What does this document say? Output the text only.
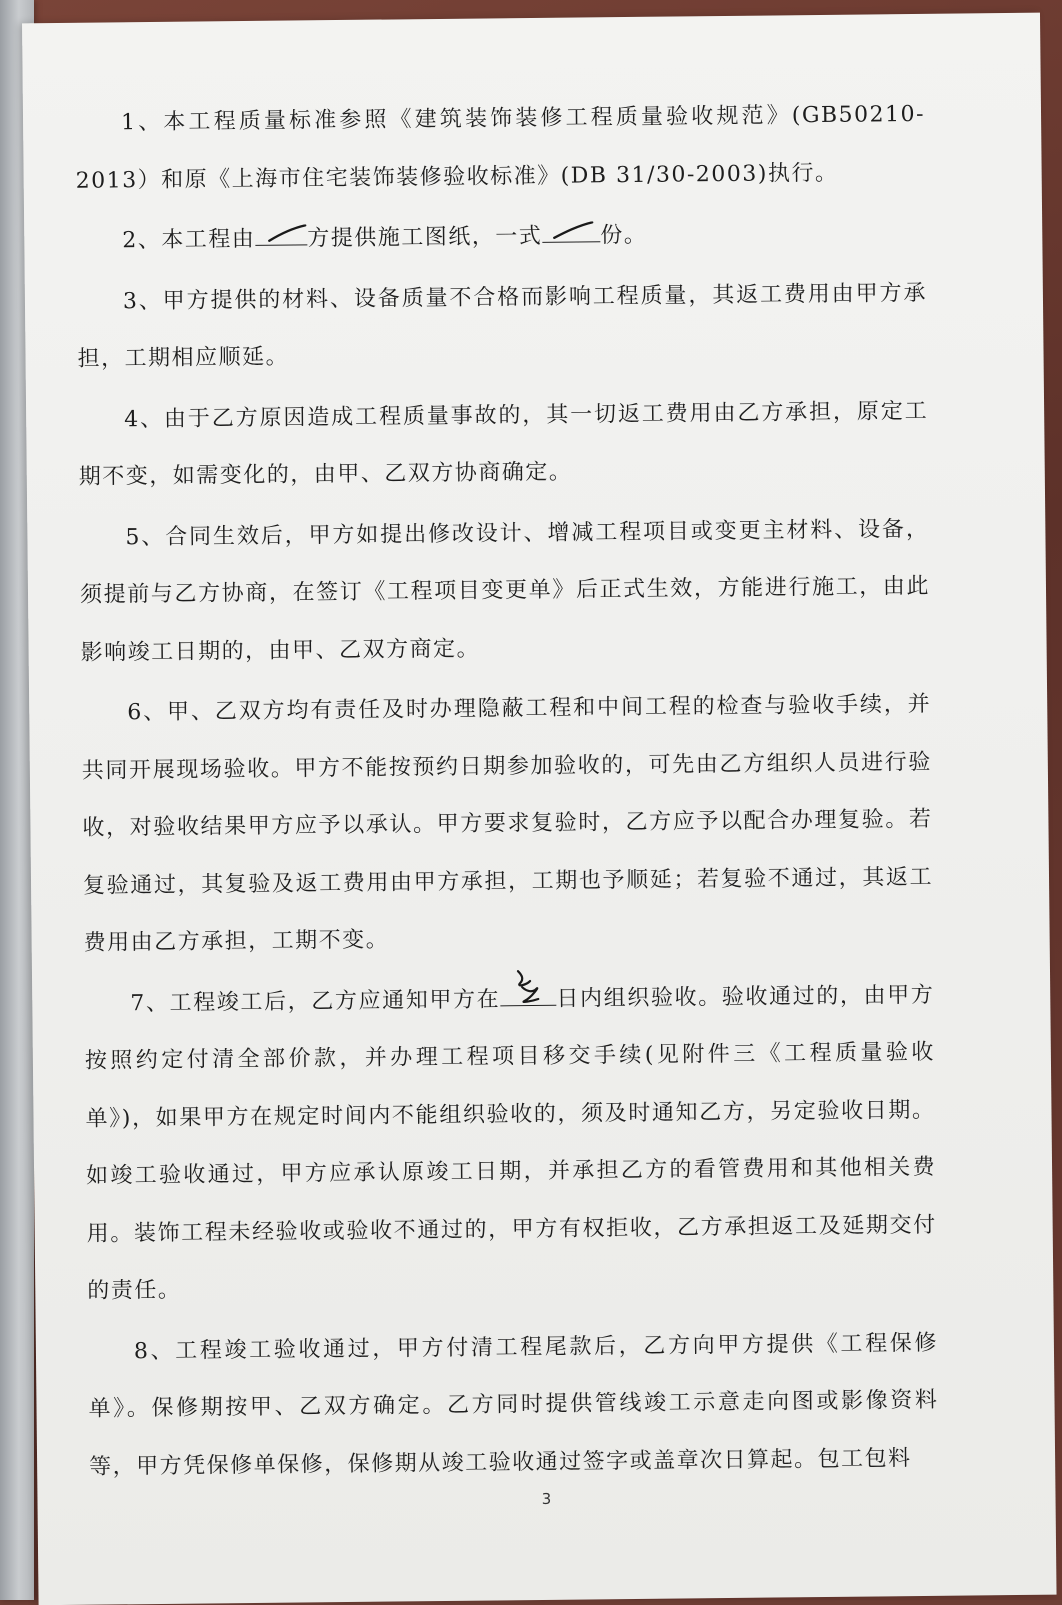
1、本工程质量标准参照《建筑装饰装修工程质量验收规范》(GB50210-2013）和原《上海市住宅装饰装修验收标准》(DB 31/30-2003)执行。

2、本工程由 方提供施工图纸，一式	份。

3、甲方提供的材料、设备质量不合格而影响工程质量，其返工费用由甲方承担，工期相应顺延。

4、由于乙方原因造成工程质量事故的，其一切返工费用由乙方承担，原定工期不变，如需变化的，由甲、乙双方协商确定。

5、合同生效后，甲方如提出修改设计、增减工程项目或变更主材料、设备，须提前与乙方协商，在签订《工程项目变更单》后正式生效，方能进行施工，由此影响竣工日期的，由甲、乙双方商定。

6、甲、乙双方均有责任及时办理隐蔽工程和中间工程的检查与验收手续，并共同开展现场验收。甲方不能按预约日期参加验收的，可先由乙方组织人员进行验收，对验收结果甲方应予以承认。甲方要求复验时，乙方应予以配合办理复验。若复验通过，其复验及返工费用由甲方承担，工期也予顺延；若复验不通过，其返工费用由乙方承担，工期不变。

7、工程竣工后，乙方应通知甲方在	日内组织验收。验收通过的，由甲方按照约定付清全部价款，并办理工程项目移交手续(见附件三《工程质量验收单》)，如果甲方在规定时间内不能组织验收的，须及时通知乙方，另定验收日期。如竣工验收通过，甲方应承认原竣工日期，并承担乙方的看管费用和其他相关费用。装饰工程未经验收或验收不通过的，甲方有权拒收，乙方承担返工及延期交付的责任。

8、工程竣工验收通过，甲方付清工程尾款后，乙方向甲方提供《工程保修单》。保修期按甲、乙双方确定。乙方同时提供管线竣工示意走向图或影像资料等，甲方凭保修单保修，保修期从竣工验收通过签字或盖章次日算起。包工包料

3
